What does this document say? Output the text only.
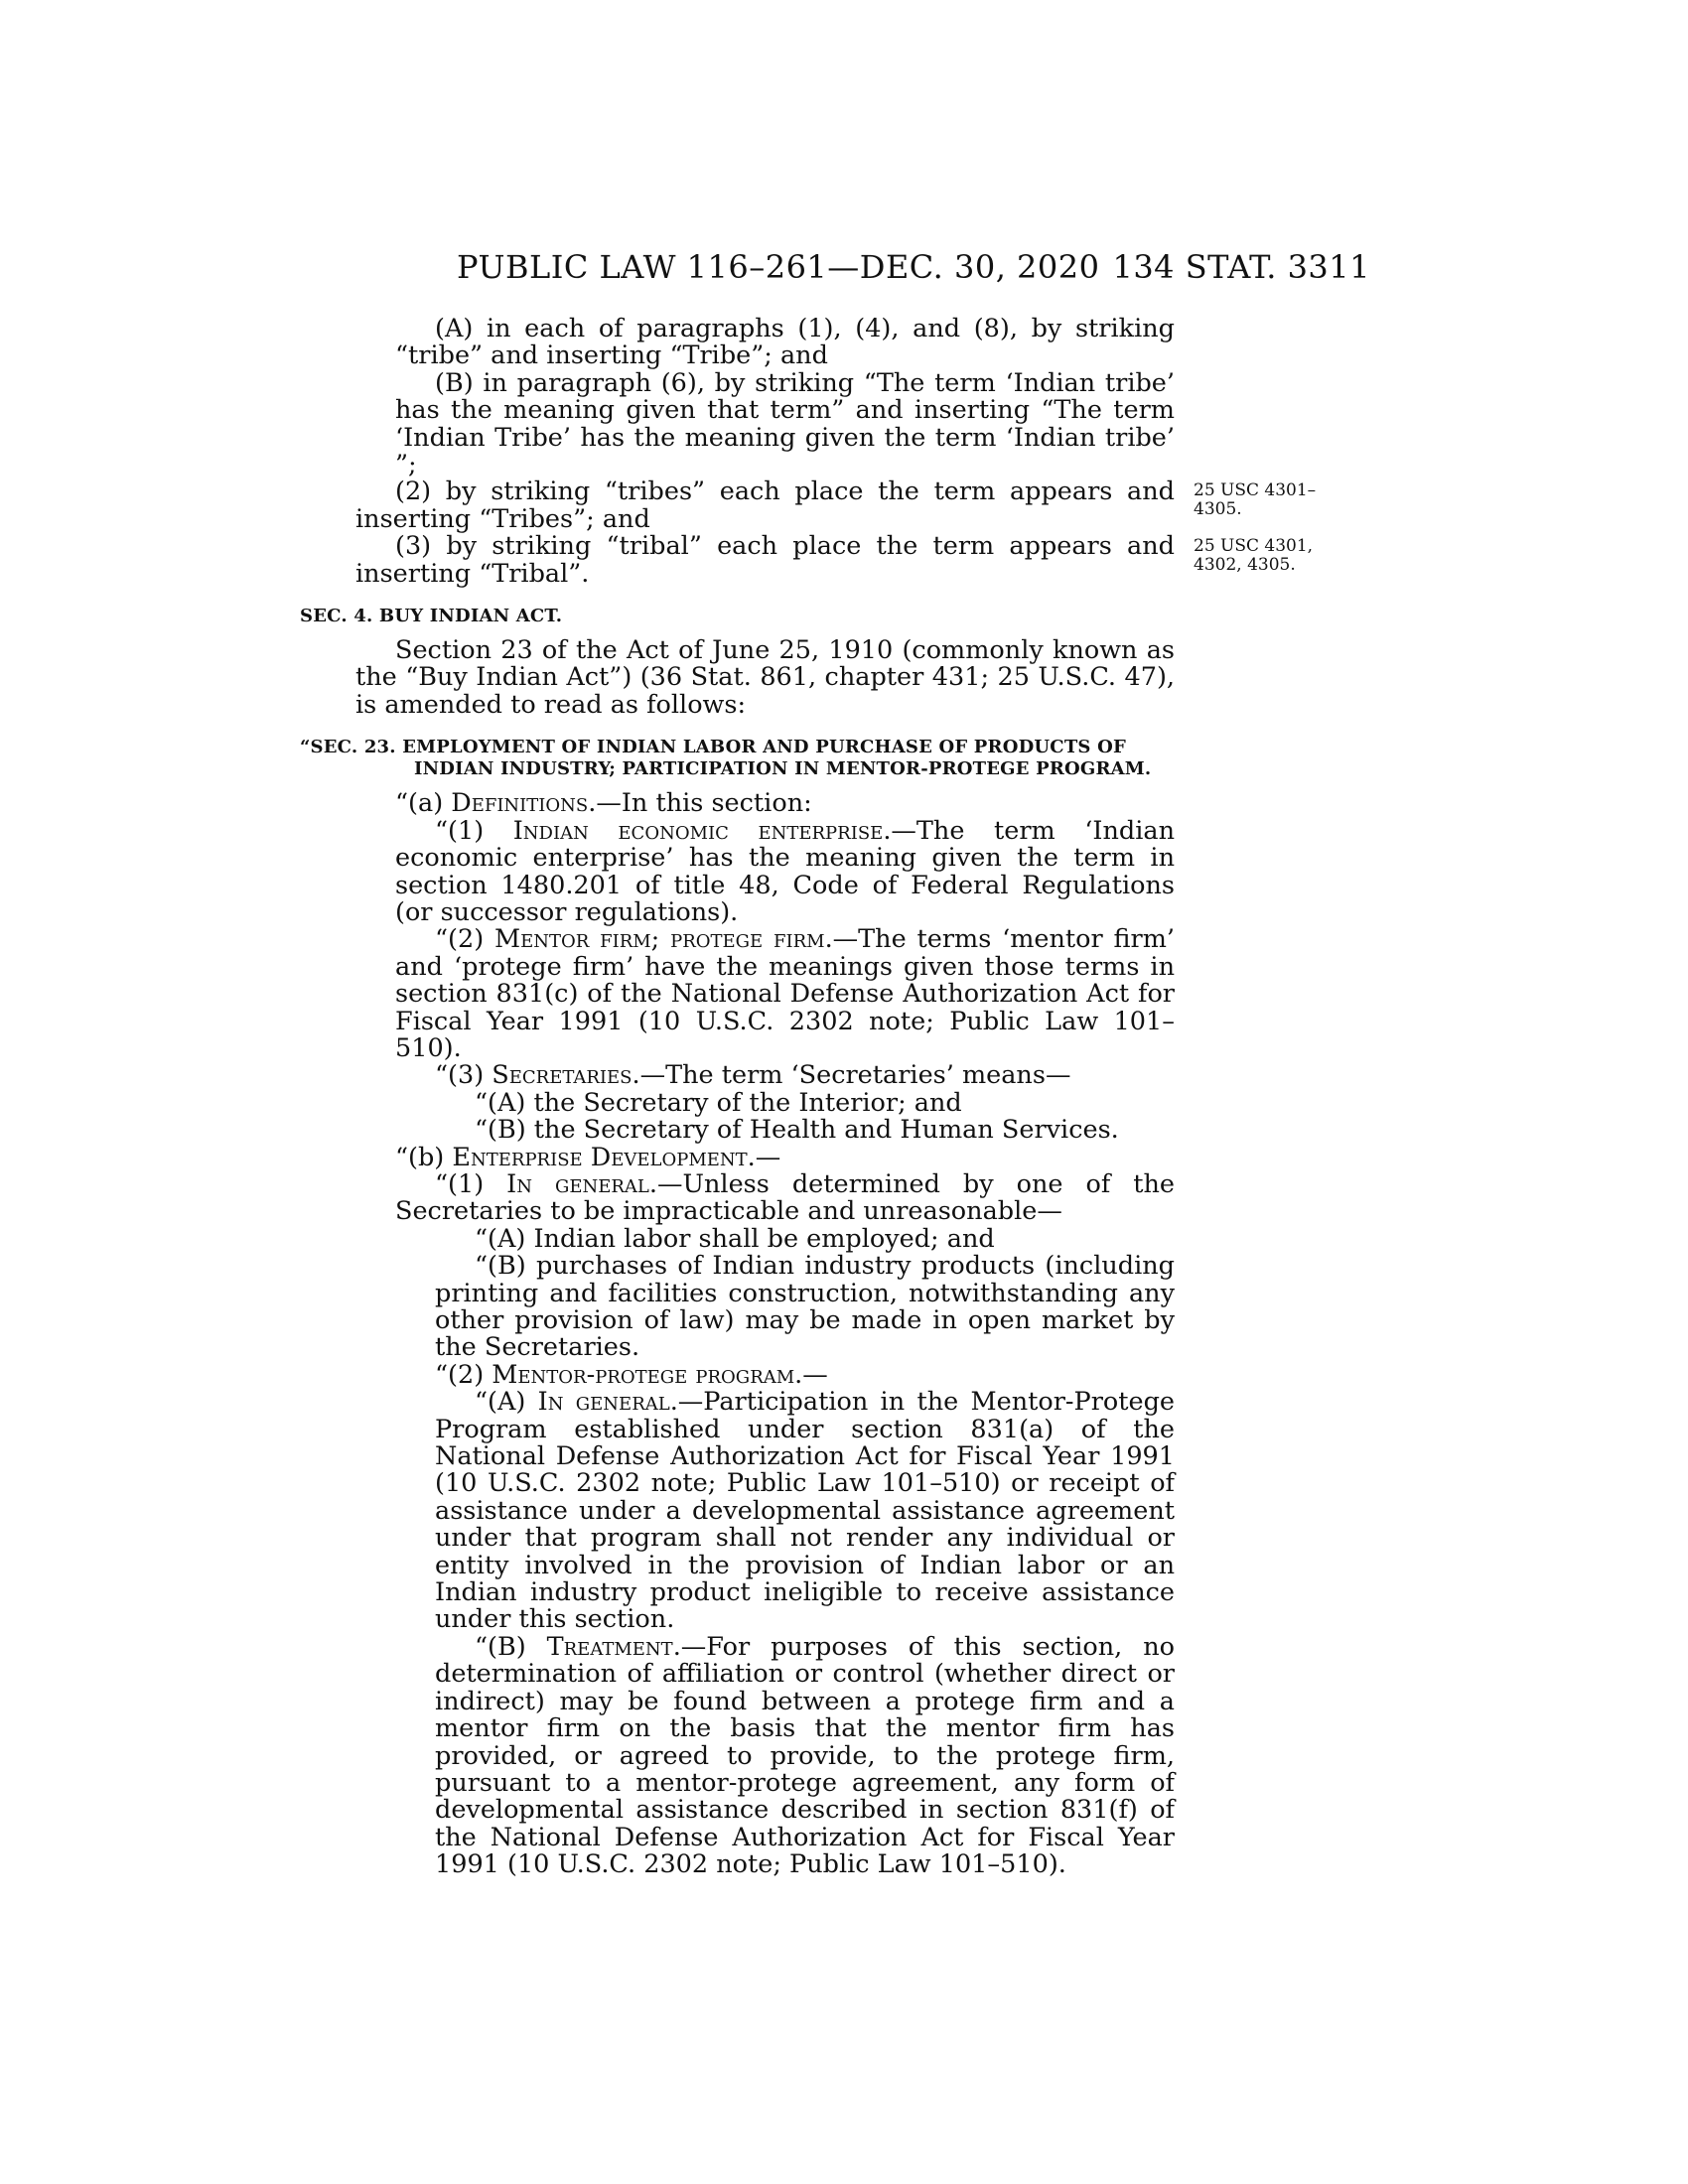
PUBLIC LAW 116–261—DEC. 30, 2020 134 STAT. 3311
25 USC 4301–
4305.
25 USC 4301,
4302, 4305.

(A) in each of paragraphs (1), (4), and (8), by striking “tribe” and inserting “Tribe”; and

(B) in paragraph (6), by striking “The term ‘Indian tribe’ has the meaning given that term” and inserting “The term ‘Indian Tribe’ has the meaning given the term ‘Indian tribe’ ”;

(2) by striking “tribes” each place the term appears and inserting “Tribes”; and

(3) by striking “tribal” each place the term appears and inserting “Tribal”.

SEC. 4. BUY INDIAN ACT.

Section 23 of the Act of June 25, 1910 (commonly known as the “Buy Indian Act”) (36 Stat. 861, chapter 431; 25 U.S.C. 47), is amended to read as follows:

“SEC. 23. EMPLOYMENT OF INDIAN LABOR AND PURCHASE OF PRODUCTS OF INDIAN INDUSTRY; PARTICIPATION IN MENTOR-PROTEGE PROGRAM.

“(a) Definitions.—In this section:

“(1) Indian economic enterprise.—The term ‘Indian economic enterprise’ has the meaning given the term in section 1480.201 of title 48, Code of Federal Regulations (or successor regulations).

“(2) Mentor firm; protege firm.—The terms ‘mentor firm’ and ‘protege firm’ have the meanings given those terms in section 831(c) of the National Defense Authorization Act for Fiscal Year 1991 (10 U.S.C. 2302 note; Public Law 101–510).

“(3) Secretaries.—The term ‘Secretaries’ means—

“(A) the Secretary of the Interior; and

“(B) the Secretary of Health and Human Services.

“(b) Enterprise Development.—

“(1) In general.—Unless determined by one of the Secretaries to be impracticable and unreasonable—

“(A) Indian labor shall be employed; and

“(B) purchases of Indian industry products (including printing and facilities construction, notwithstanding any other provision of law) may be made in open market by the Secretaries.

“(2) Mentor-protege program.—

“(A) In general.—Participation in the Mentor-Protege Program established under section 831(a) of the National Defense Authorization Act for Fiscal Year 1991 (10 U.S.C. 2302 note; Public Law 101–510) or receipt of assistance under a developmental assistance agreement under that program shall not render any individual or entity involved in the provision of Indian labor or an Indian industry product ineligible to receive assistance under this section.

“(B) Treatment.—For purposes of this section, no determination of affiliation or control (whether direct or indirect) may be found between a protege firm and a mentor firm on the basis that the mentor firm has provided, or agreed to provide, to the protege firm, pursuant to a mentor-protege agreement, any form of developmental assistance described in section 831(f) of the National Defense Authorization Act for Fiscal Year 1991 (10 U.S.C. 2302 note; Public Law 101–510).
